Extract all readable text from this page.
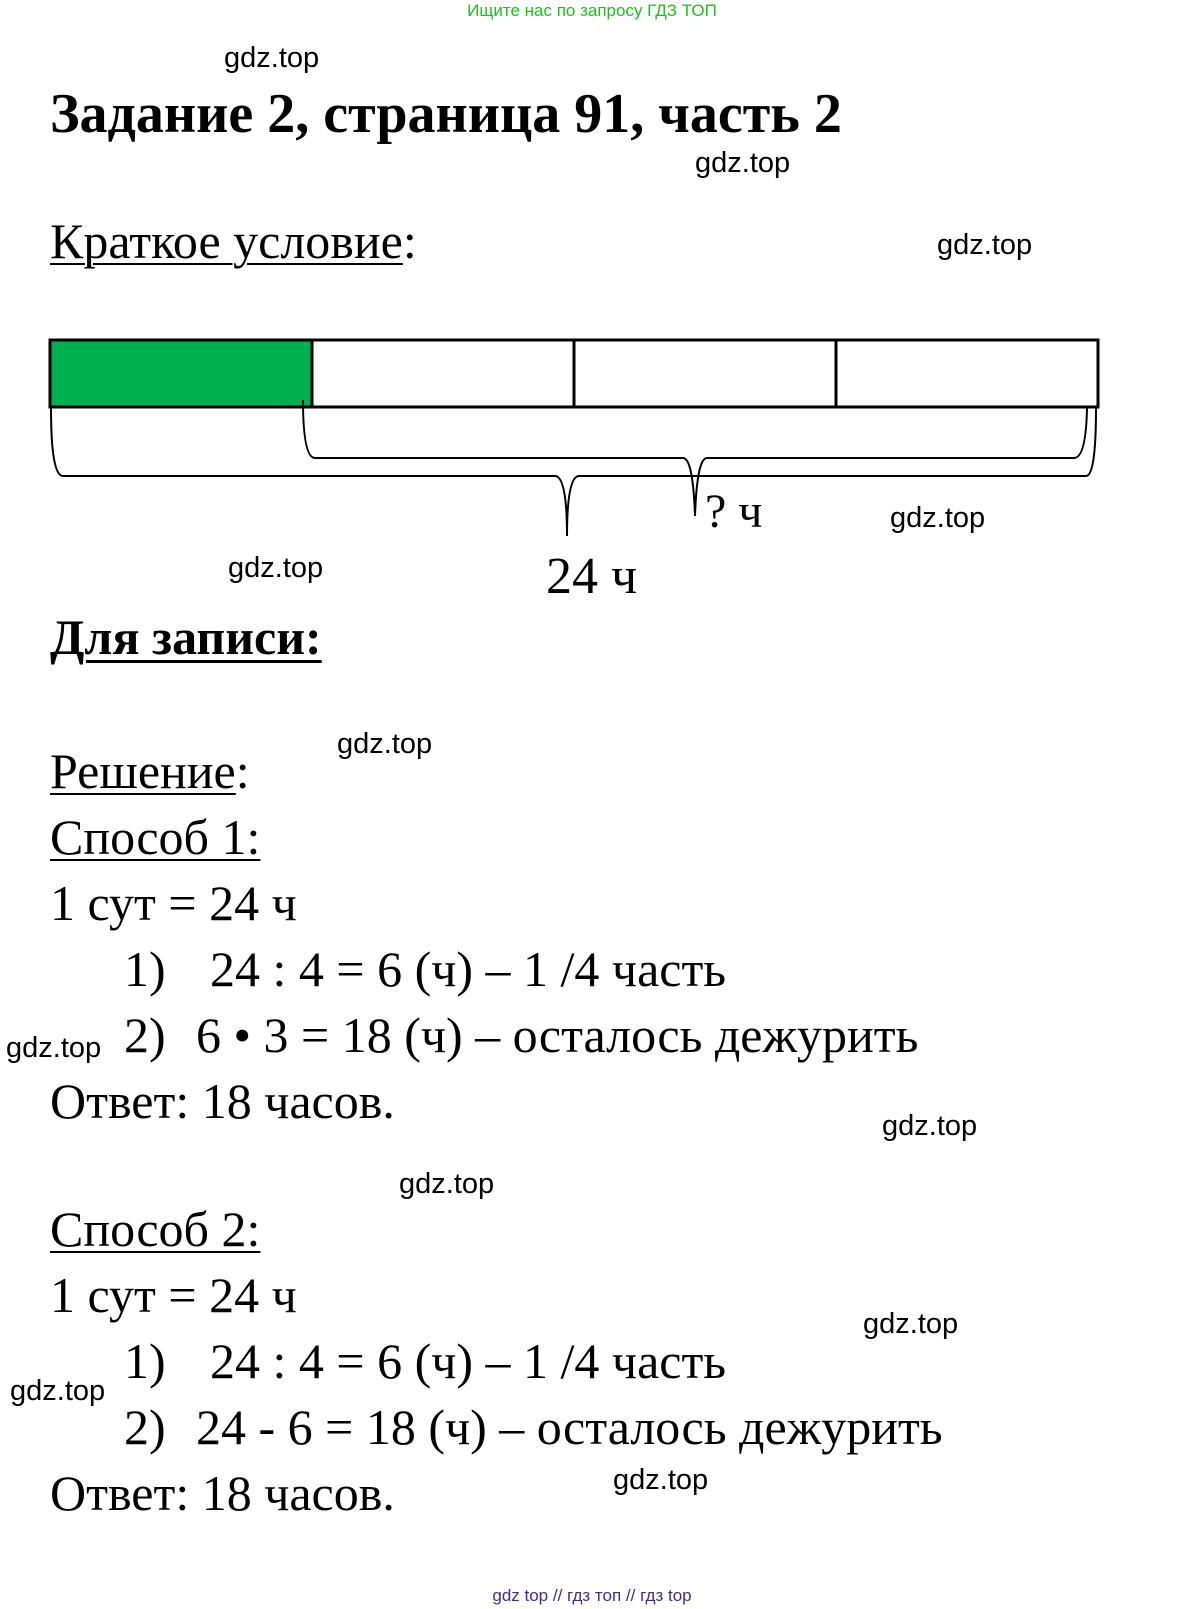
Ищите нас по запросу ГДЗ ТОП
Задание 2, страница 91, часть 2
Краткое условие:
? ч
24 ч
Для записи:
Решение:
Способ 1:
1 сут = 24 ч
1) 24 : 4 = 6 (ч) – 1 /4 часть
2) 6 • 3 = 18 (ч) – осталось дежурить
Ответ: 18 часов.
Способ 2:
1 сут = 24 ч
1) 24 : 4 = 6 (ч) – 1 /4 часть
2) 24 - 6 = 18 (ч) – осталось дежурить
Ответ: 18 часов.
gdz.top
gdz.top
gdz.top
gdz.top
gdz.top
gdz.top
gdz.top
gdz.top
gdz.top
gdz.top
gdz.top
gdz.top
gdz top // гдз топ // гдз top
